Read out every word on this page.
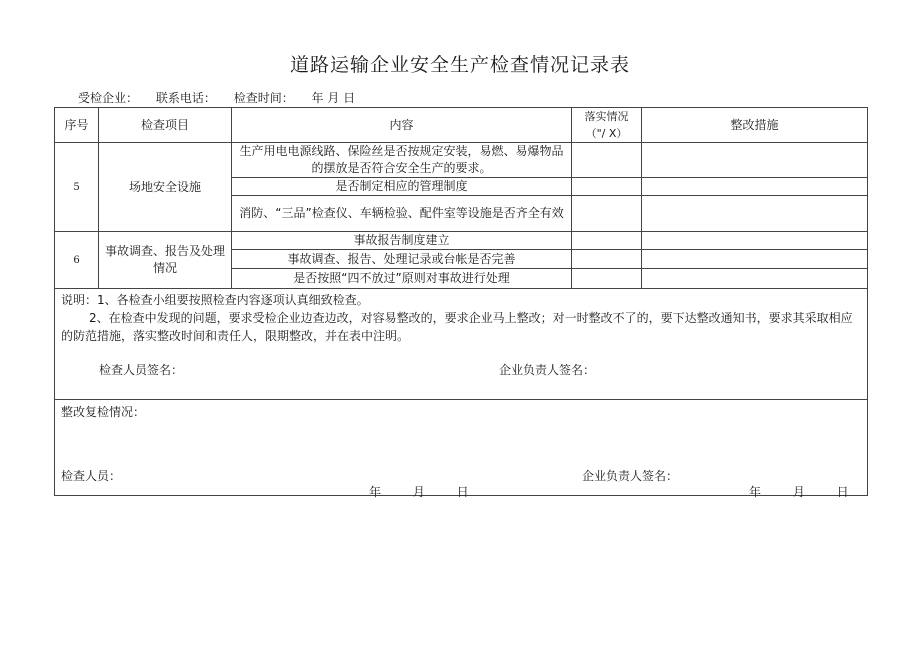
道路运输企业安全生产检查情况记录表
受检企业： 联系电话： 检查时间： 年 月 日
序号	检查项目	内容	落实情况（"/ X）	整改措施
5	场地安全设施	生产用电电源线路、保险丝是否按规定安装，易燃、易爆物品的摆放是否符合安全生产的要求。		
		是否制定相应的管理制度		
		消防、“三品”检查仪、车辆检验、配件室等设施是否齐全有效		
6	事故调查、报告及处理情况	事故报告制度建立		
		事故调查、报告、处理记录或台帐是否完善		
		是否按照“四不放过”原则对事故进行处理		

说明：1、各检查小组要按照检查内容逐项认真细致检查。
2、在检查中发现的问题，要求受检企业边查边改，对容易整改的，要求企业马上整改；对一时整改不了的，要下达整改通知书，要求其采取相应的防范措施，落实整改时间和责任人，限期整改，并在表中注明。
检查人员签名： 企业负责人签名：				

整改复检情况：
检查人员： 企业负责人签名：
年 月 日 年 月 日				
